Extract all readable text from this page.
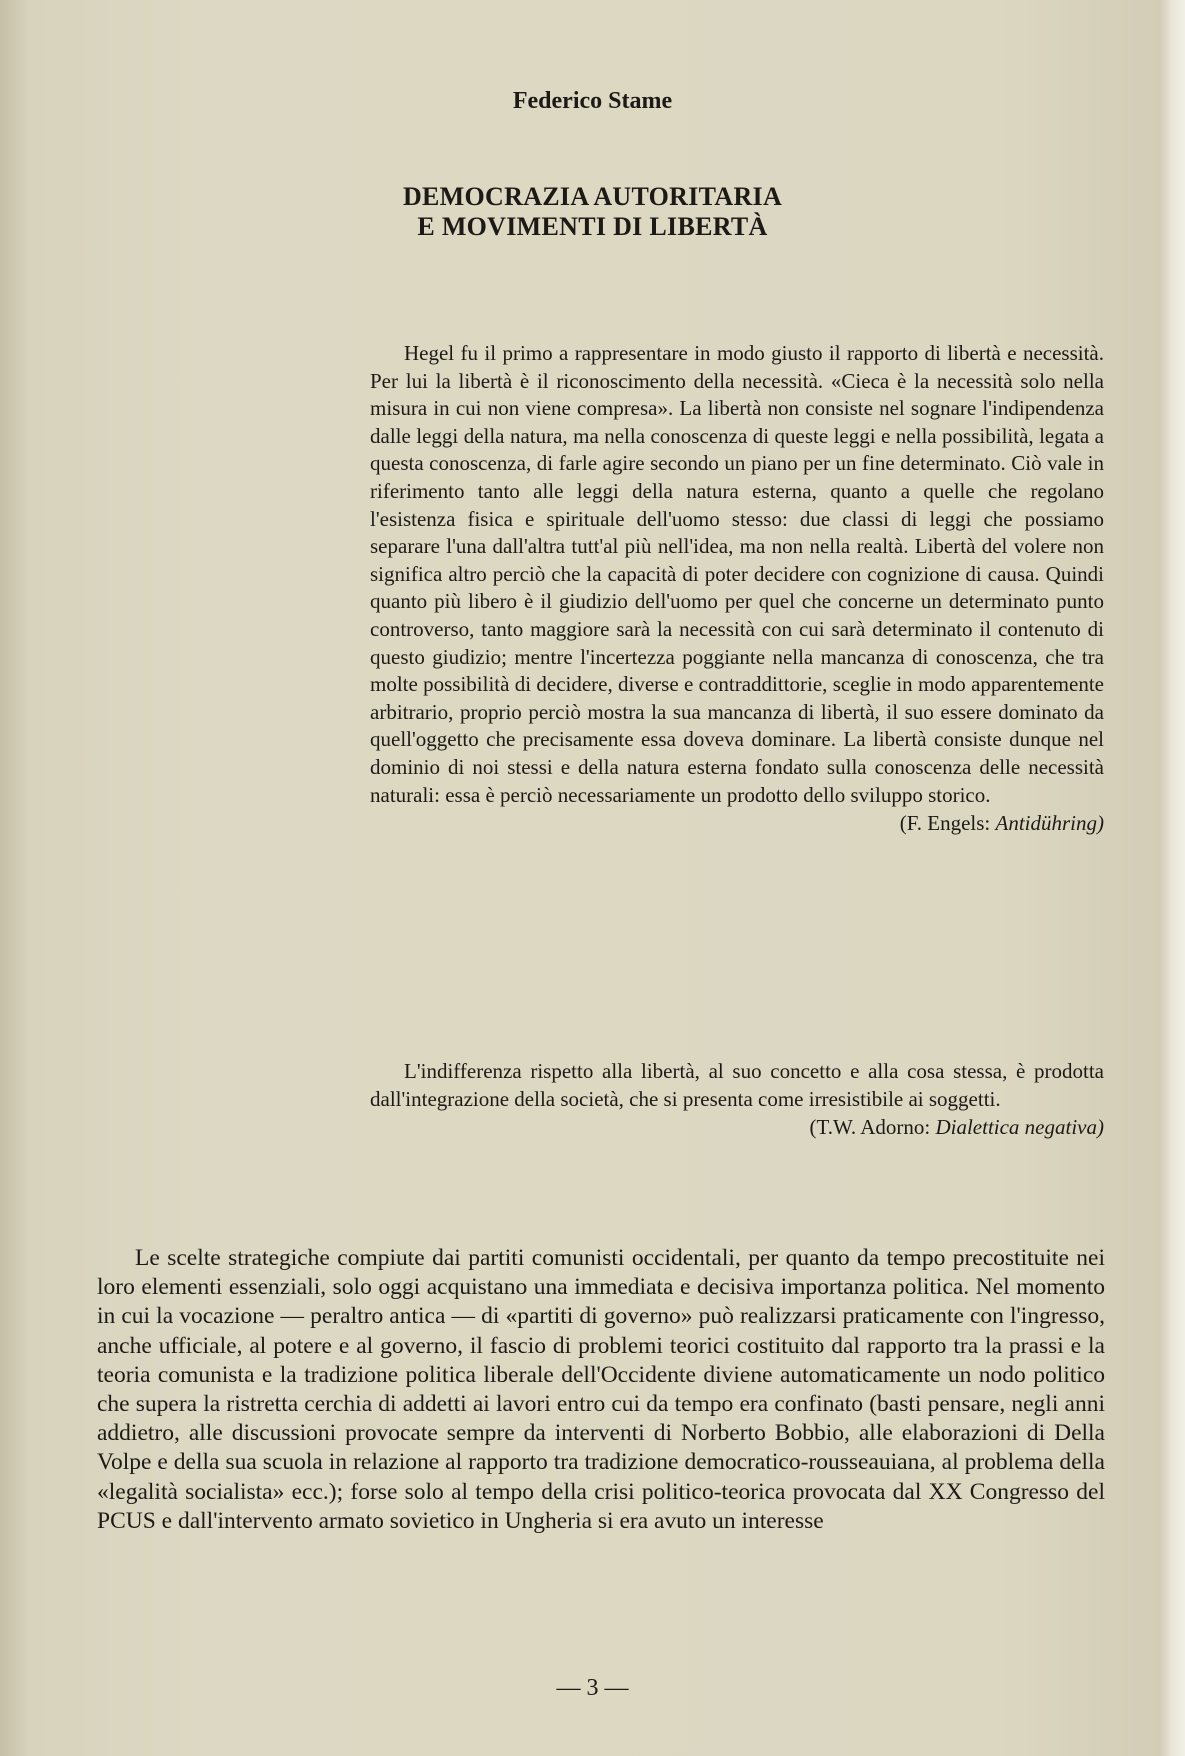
Federico Stame
DEMOCRAZIA AUTORITARIA
E MOVIMENTI DI LIBERTÀ

Hegel fu il primo a rappresentare in modo giusto il rapporto di libertà e necessità. Per lui la libertà è il riconoscimento della necessità. «Cieca è la necessità solo nella misura in cui non viene compresa». La libertà non consiste nel sognare l'indipendenza dalle leggi della natura, ma nella conoscenza di queste leggi e nella possibilità, legata a questa conoscenza, di farle agire secondo un piano per un fine determinato. Ciò vale in riferimento tanto alle leggi della natura esterna, quanto a quelle che regolano l'esistenza fisica e spirituale dell'uomo stesso: due classi di leggi che possiamo separare l'una dall'altra tutt'al più nell'idea, ma non nella realtà. Libertà del volere non significa altro perciò che la capacità di poter decidere con cognizione di causa. Quindi quanto più libero è il giudizio dell'uomo per quel che concerne un determinato punto controverso, tanto maggiore sarà la necessità con cui sarà determinato il contenuto di questo giudizio; mentre l'incertezza poggiante nella mancanza di conoscenza, che tra molte possibilità di decidere, diverse e contraddittorie, sceglie in modo apparentemente arbitrario, proprio perciò mostra la sua mancanza di libertà, il suo essere dominato da quell'oggetto che precisamente essa doveva dominare. La libertà consiste dunque nel dominio di noi stessi e della natura esterna fondato sulla conoscenza delle necessità naturali: essa è perciò necessariamente un prodotto dello sviluppo storico.

(F. Engels: Antidühring)

L'indifferenza rispetto alla libertà, al suo concetto e alla cosa stessa, è prodotta dall'integrazione della società, che si presenta come irresistibile ai soggetti.

(T.W. Adorno: Dialettica negativa)

Le scelte strategiche compiute dai partiti comunisti occidentali, per quanto da tempo precostituite nei loro elementi essenziali, solo oggi acquistano una immediata e decisiva importanza politica. Nel momento in cui la vocazione — peraltro antica — di «partiti di governo» può realizzarsi praticamente con l'ingresso, anche ufficiale, al potere e al governo, il fascio di problemi teorici costituito dal rapporto tra la prassi e la teoria comunista e la tradizione politica liberale dell'Occidente diviene automaticamente un nodo politico che supera la ristretta cerchia di addetti ai lavori entro cui da tempo era confinato (basti pensare, negli anni addietro, alle discussioni provocate sempre da interventi di Norberto Bobbio, alle elaborazioni di Della Volpe e della sua scuola in relazione al rapporto tra tradizione democratico-rousseauiana, al problema della «legalità socialista» ecc.); forse solo al tempo della crisi politico-teorica provocata dal XX Congresso del PCUS e dall'intervento armato sovietico in Ungheria si era avuto un interesse

— 3 —
